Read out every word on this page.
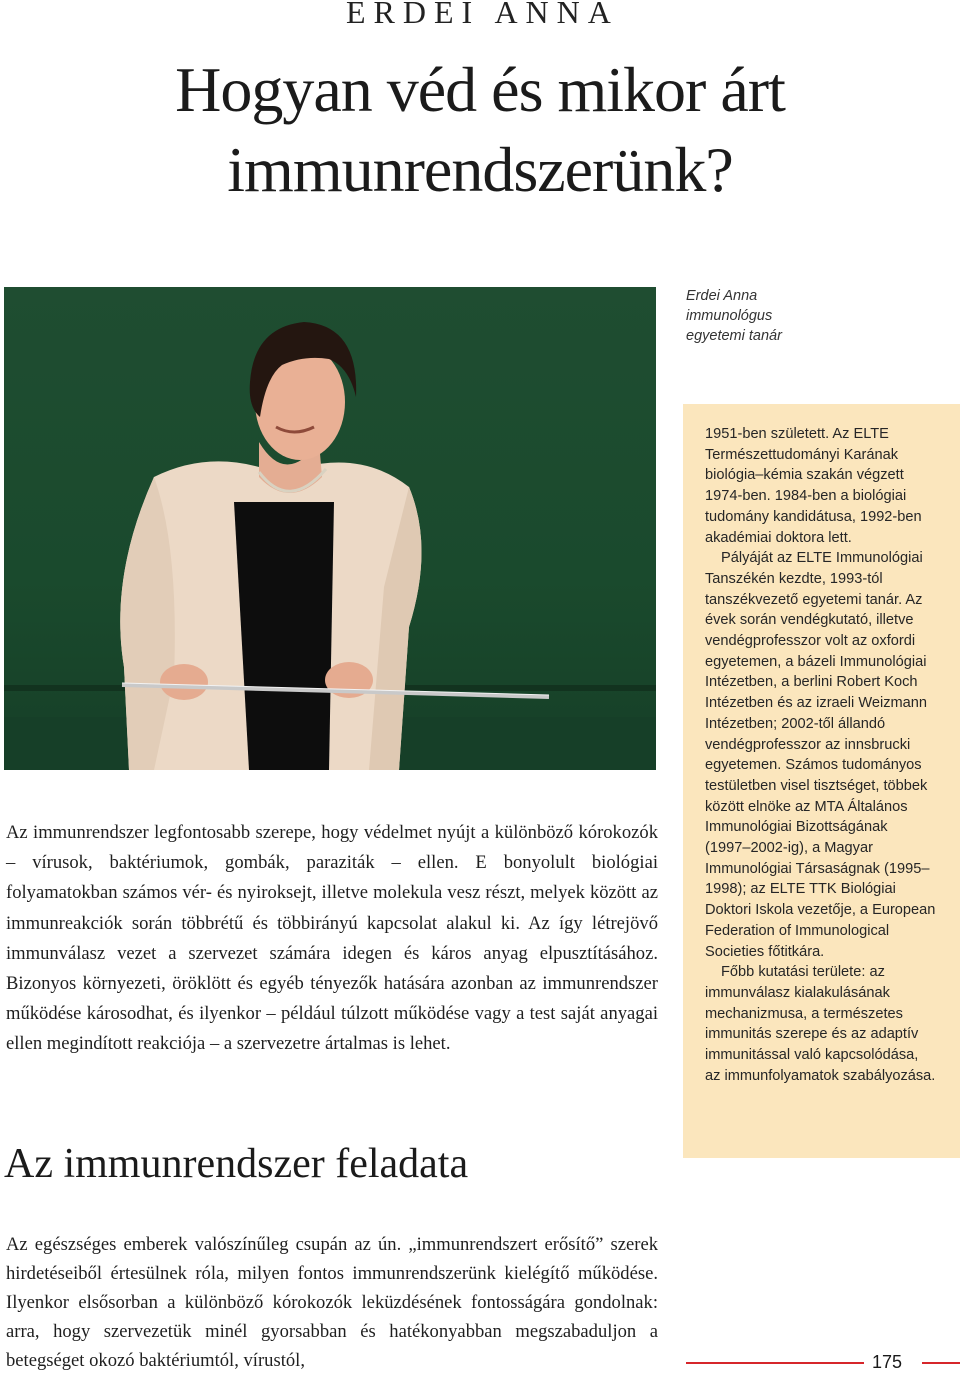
ERDEI ANNA
Hogyan véd és mikor árt immunrendszerünk?
Erdei Anna
immunológus
egyetemi tanár

1951-ben született. Az ELTE Természettudományi Karának biológia–kémia szakán végzett 1974-ben. 1984-ben a biológiai tudomány kandidátusa, 1992-ben akadémiai doktora lett.

Pályáját az ELTE Immunológiai Tanszékén kezdte, 1993-tól tanszékvezető egyetemi tanár. Az évek során vendégkutató, illetve vendégprofesszor volt az oxfordi egyetemen, a bázeli Immunológiai Intézetben, a berlini Robert Koch Intézetben és az izraeli Weizmann Intézetben; 2002-től állandó vendégprofesszor az innsbrucki egyetemen. Számos tudományos testületben visel tisztséget, többek között elnöke az MTA Általános Immunológiai Bizottságának (1997–2002-ig), a Magyar Immunológiai Társaságnak (1995–1998); az ELTE TTK Biológiai Doktori Iskola vezetője, a European Federation of Immunological Societies főtitkára.

Főbb kutatási területe: az immunválasz kialakulásának mechanizmusa, a természetes immunitás szerepe és az adaptív immunitással való kapcsolódása, az immunfolyamatok szabályozása.

Az immunrendszer legfontosabb szerepe, hogy védelmet nyújt a különböző kórokozók – vírusok, baktériumok, gombák, paraziták – ellen. E bonyolult biológiai folyamatokban számos vér- és nyiroksejt, illetve molekula vesz részt, melyek között az immunreakciók során többrétű és többirányú kapcsolat alakul ki. Az így létrejövő immunválasz vezet a szervezet számára idegen és káros anyag elpusztításához. Bizonyos környezeti, öröklött és egyéb tényezők hatására azonban az immunrendszer működése károsodhat, és ilyenkor – például túlzott működése vagy a test saját anyagai ellen megindított reakciója – a szervezetre ártalmas is lehet.

Az immunrendszer feladata

Az egészséges emberek valószínűleg csupán az ún. „immunrendszert erősítő” szerek hirdetéseiből értesülnek róla, milyen fontos immunrendszerünk kielégítő működése. Ilyenkor elsősorban a különböző kórokozók leküzdésének fontosságára gondolnak: arra, hogy szervezetük minél gyorsabban és hatékonyabban megszabaduljon a betegséget okozó baktériumtól, vírustól,	175
